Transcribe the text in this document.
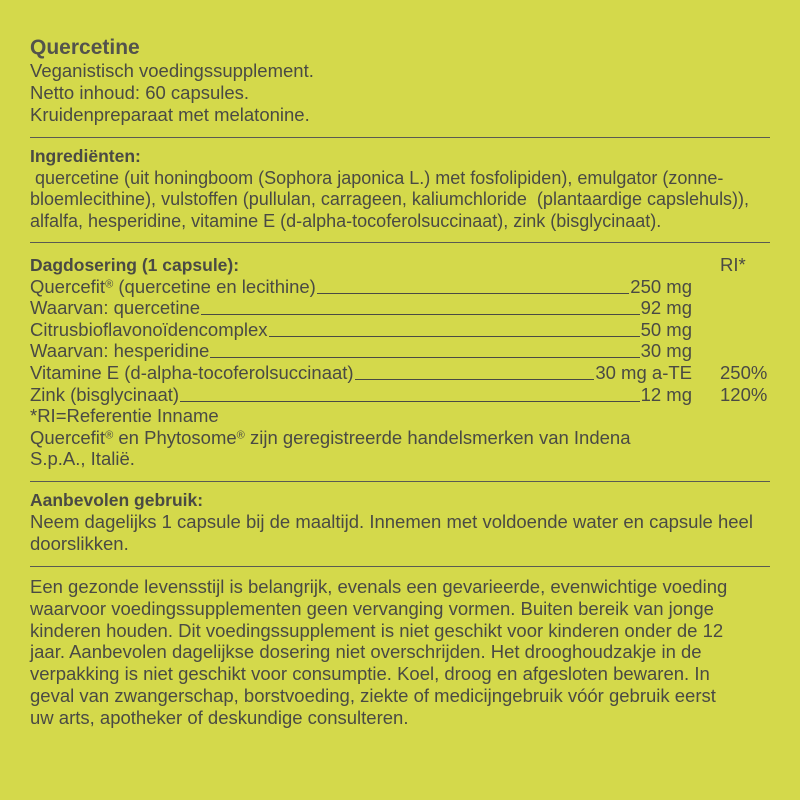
Quercetine
Veganistisch voedingssupplement.
Netto inhoud: 60 capsules.
Kruidenpreparaat met melatonine.
Ingrediënten:
quercetine (uit honingboom (Sophora japonica L.) met fosfolipiden), emulgator (zonne-
bloemlecithine), vulstoffen (pullulan, carrageen, kaliumchloride  (plantaardige capslehuls)),
alfalfa, hesperidine, vitamine E (d-alpha-tocoferolsuccinaat), zink (bisglycinaat).
Dagdosering (1 capsule):	RI*
Quercefit® (quercetine en lecithine)	250 mg
Waarvan: quercetine	92 mg
Citrusbioflavonoïdencomplex	50 mg
Waarvan: hesperidine	30 mg
Vitamine E (d-alpha-tocoferolsuccinaat)	30 mg a-TE 250%
Zink (bisglycinaat)	12 mg 120%
*RI=Referentie Inname
Quercefit® en Phytosome® zijn geregistreerde handelsmerken van Indena
S.p.A., Italië.
Aanbevolen gebruik:
Neem dagelijks 1 capsule bij de maaltijd. Innemen met voldoende water en capsule heel
doorslikken.
Een gezonde levensstijl is belangrijk, evenals een gevarieerde, evenwichtige voeding
waarvoor voedingssupplementen geen vervanging vormen. Buiten bereik van jonge
kinderen houden. Dit voedingssupplement is niet geschikt voor kinderen onder de 12
jaar. Aanbevolen dagelijkse dosering niet overschrijden. Het drooghoudzakje in de
verpakking is niet geschikt voor consumptie. Koel, droog en afgesloten bewaren. In
geval van zwangerschap, borstvoeding, ziekte of medicijngebruik vóór gebruik eerst
uw arts, apotheker of deskundige consulteren.
